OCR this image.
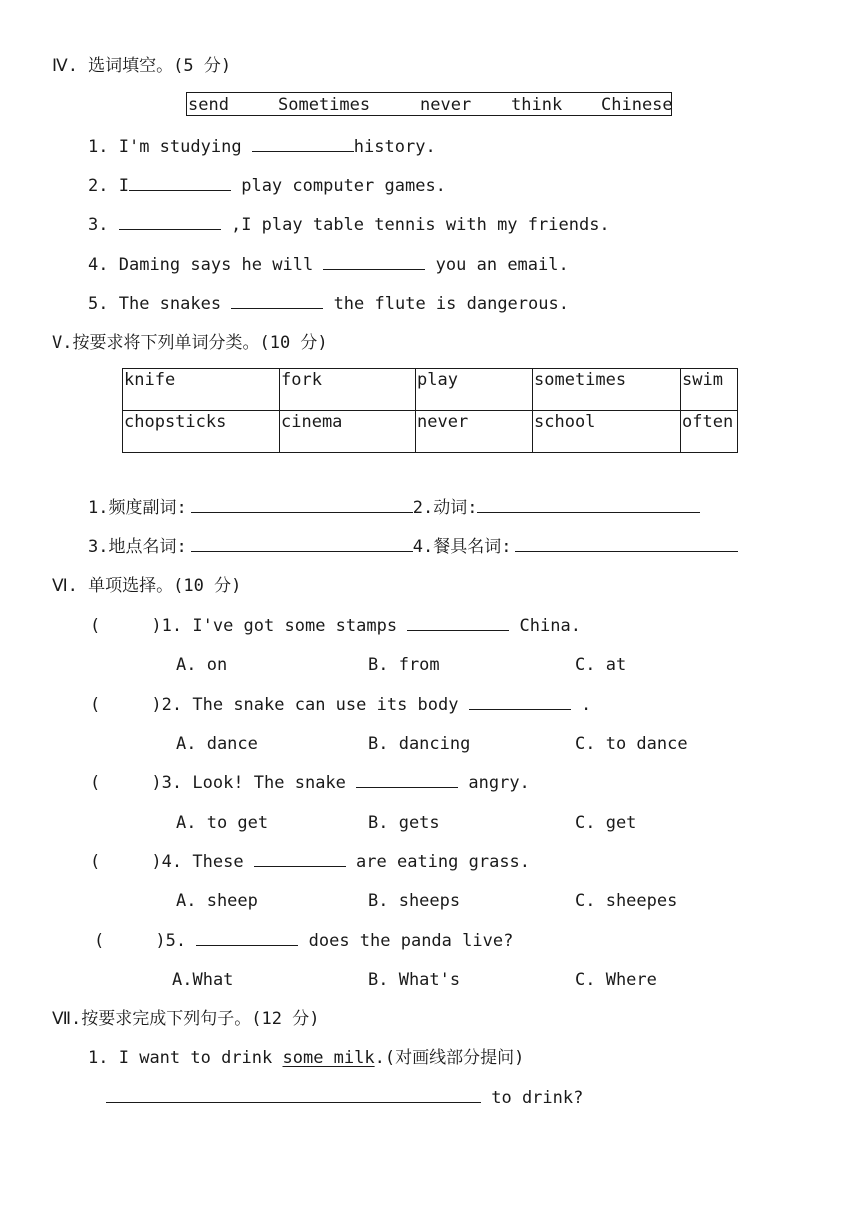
Ⅳ. 选词填空。(5 分)
send	Sometimes	never think Chinese
1. I'm studying	history.
2. I	play computer games.
3.	,I play table tennis with my friends.
4. Daming says he will	you an email.
5. The snakes	the flute is dangerous.
V.按要求将下列单词分类。(10 分)
knife	fork	play	sometimes	swim
chopsticks	cinema	never	school	often
1.频度副词:	2.动词:
3.地点名词:	4.餐具名词:
Ⅵ. 单项选择。(10 分)
(     )1. I've got some stamps	China.
A. on	B. from	C. at
(     )2. The snake can use its body	.
A. dance	B. dancing	C. to dance
(     )3. Look! The snake	angry.
A. to get	B. gets	C. get
(     )4. These	are eating grass.
A. sheep	B. sheeps	C. sheepes
(     )5.	does the panda live?
A.What	B. What's	C. Where
Ⅶ.按要求完成下列句子。(12 分)
1. I want to drink some milk.(对画线部分提问)
to drink?
